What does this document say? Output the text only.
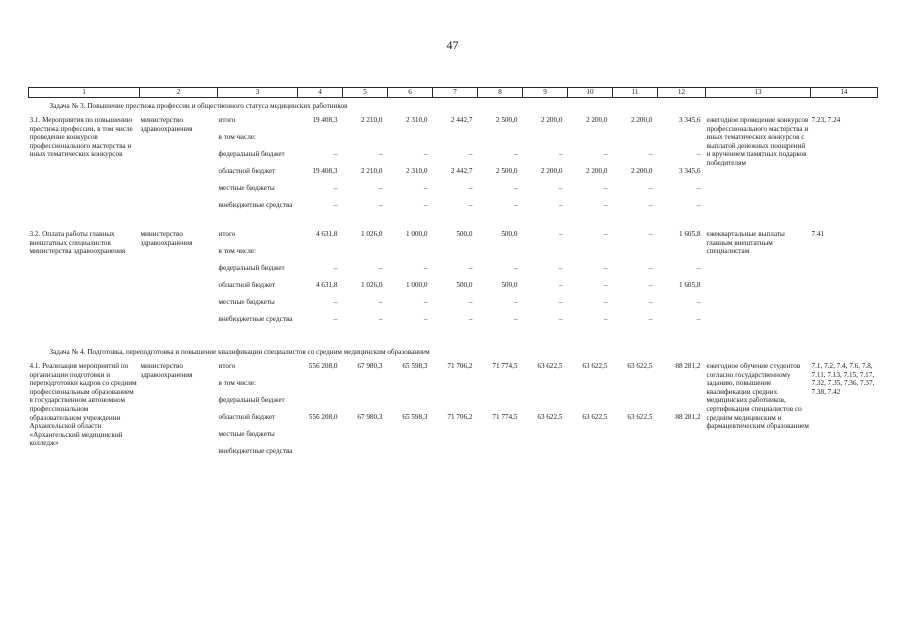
47
1	2	3	4	5	6	7	8	9	10	11	12	13	14
Задача № 3. Повышение престижа профессии и общественного статуса медицинских работников													
3.1. Мероприятия по повышению престижа профессии, в том числе проведение конкурсов профессионального мастерства и иных тематических конкурсов	министерство здравоохранения	итого	19 408,3	2 210,0	2 310,0	2 442,7	2 500,0	2 200,0	2 200,0	2 200,0	3 345,6	ежегодное проведение конкурсов профессионального мастерства и иных тематических конкурсов с выплатой денежных поощрений и вручением памятных подарков победителям	7.23, 7.24
		в том числе:											
		федеральный бюджет	–	–	–	–	–	–	–	–	–		
		областной бюджет	19 408,3	2 210,0	2 310,0	2 442,7	2 500,0	2 200,0	2 200,0	2 200,0	3 345,6		
		местные бюджеты	–	–	–	–	–	–	–	–	–		
		внебюджетные средства	–	–	–	–	–	–	–	–	–		

3.2. Оплата работы главных внештатных специалистов министерства здравоохранения	министерство здравоохранения	итого	4 631,8	1 026,0	1 000,0	500,0	500,0	–	–	–	1 605,8	ежеквартальные выплаты главным внештатным специалистам	7.41
		в том числе:											
		федеральный бюджет	–	–	–	–	–	–	–	–	–		
		областной бюджет	4 631,8	1 026,0	1 000,0	500,0	500,0	–	–	–	1 605,8		
		местные бюджеты	–	–	–	–	–	–	–	–	–		
		внебюджетные средства	–	–	–	–	–	–	–	–	–		

Задача № 4. Подготовка, переподготовка и повышение квалификации специалистов со средним медицинским образованием													
4.1. Реализация мероприятий по организации подготовки и переподготовки кадров со средним профессиональным образованием в государственном автономном профессиональном образовательном учреждении Архангельской области «Архангельский медицинский колледж»	министерство здравоохранения	итого	556 208,0	67 980,3	65 598,3	71 706,2	71 774,5	63 622,5	63 622,5	63 622,5	88 281,2	ежегодное обучение студентов согласно государственному заданию, повышение квалификации средних медицинских работников, сертификация специалистов со средним медицинским и фармацевтическим образованием	7.1, 7.2, 7.4, 7.6, 7.8, 7.11, 7.13, 7.15, 7.17, 7.32, 7.35, 7.36, 7.37, 7.38, 7.42
		в том числе:											
		федеральный бюджет											
		областной бюджет	556 208,0	67 980,3	65 598,3	71 706,2	71 774,5	63 622,5	63 622,5	63 622,5	88 281,2		
		местные бюджеты											
		внебюджетные средства											
